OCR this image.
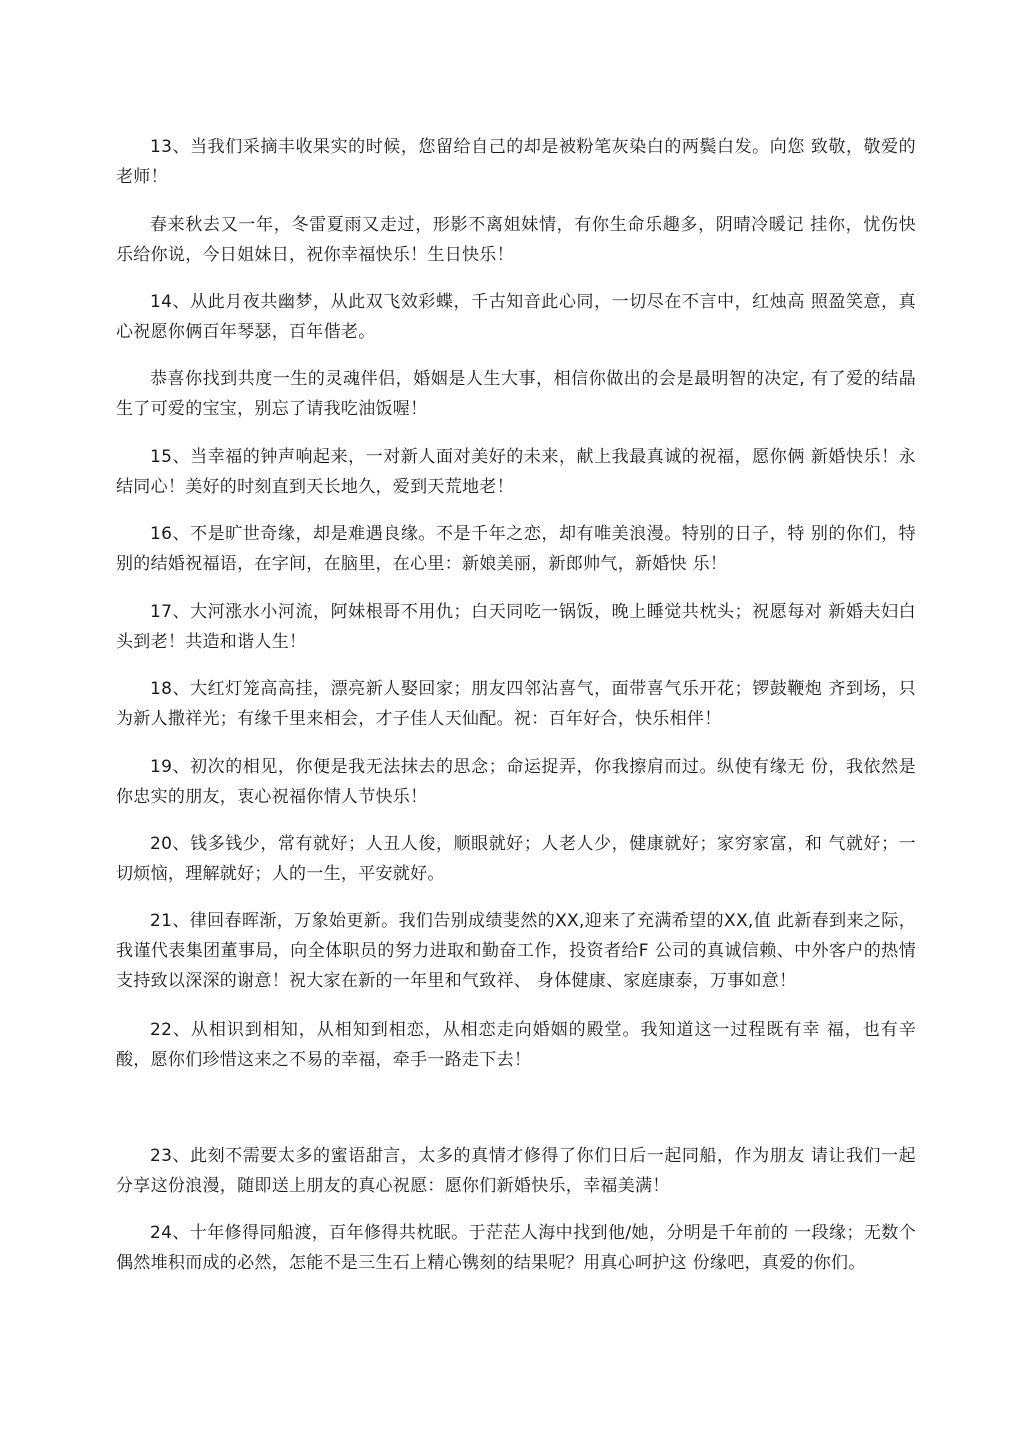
13、当我们采摘丰收果实的时候，您留给自己的却是被粉笔灰染白的两鬓白发。向您 致敬，敬爱的老师！

春来秋去又一年，冬雷夏雨又走过，形影不离姐妹情，有你生命乐趣多，阴晴冷暖记 挂你，忧伤快乐给你说，今日姐妹日，祝你幸福快乐！生日快乐！

14、从此月夜共幽梦，从此双飞效彩蝶，千古知音此心同，一切尽在不言中，红烛高 照盈笑意，真心祝愿你俩百年琴瑟，百年偕老。

恭喜你找到共度一生的灵魂伴侣，婚姻是人生大事，相信你做出的会是最明智的决定, 有了爱的结晶生了可爱的宝宝，别忘了请我吃油饭喔！

15、当幸福的钟声响起来，一对新人面对美好的未来，献上我最真诚的祝福，愿你俩 新婚快乐！永结同心！美好的时刻直到天长地久，爱到天荒地老！

16、不是旷世奇缘，却是难遇良缘。不是千年之恋，却有唯美浪漫。特别的日子，特 别的你们，特别的结婚祝福语，在字间，在脑里，在心里：新娘美丽，新郎帅气，新婚快 乐！

17、大河涨水小河流，阿妹根哥不用仇；白天同吃一锅饭，晚上睡觉共枕头；祝愿每对 新婚夫妇白头到老！共造和谐人生！

18、大红灯笼高高挂，漂亮新人娶回家；朋友四邻沾喜气，面带喜气乐开花；锣鼓鞭炮 齐到场，只为新人撒祥光；有缘千里来相会，才子佳人天仙配。祝：百年好合，快乐相伴！

19、初次的相见，你便是我无法抹去的思念；命运捉弄，你我擦肩而过。纵使有缘无 份，我依然是你忠实的朋友，衷心祝福你情人节快乐！

20、钱多钱少，常有就好；人丑人俊，顺眼就好；人老人少，健康就好；家穷家富，和 气就好；一切烦恼，理解就好；人的一生，平安就好。

21、律回春晖渐，万象始更新。我们告别成绩斐然的XX,迎来了充满希望的XX,值 此新春到来之际，我谨代表集团董事局，向全体职员的努力进取和勤奋工作，投资者给F 公司的真诚信赖、中外客户的热情支持致以深深的谢意！祝大家在新的一年里和气致祥、 身体健康、家庭康泰，万事如意！

22、从相识到相知，从相知到相恋，从相恋走向婚姻的殿堂。我知道这一过程既有幸 福，也有辛酸，愿你们珍惜这来之不易的幸福，牵手一路走下去！

23、此刻不需要太多的蜜语甜言，太多的真情才修得了你们日后一起同船，作为朋友 请让我们一起分享这份浪漫，随即送上朋友的真心祝愿：愿你们新婚快乐，幸福美满！

24、十年修得同船渡，百年修得共枕眠。于茫茫人海中找到他/她，分明是千年前的 一段缘；无数个偶然堆积而成的必然，怎能不是三生石上精心镌刻的结果呢？用真心呵护这 份缘吧，真爱的你们。
